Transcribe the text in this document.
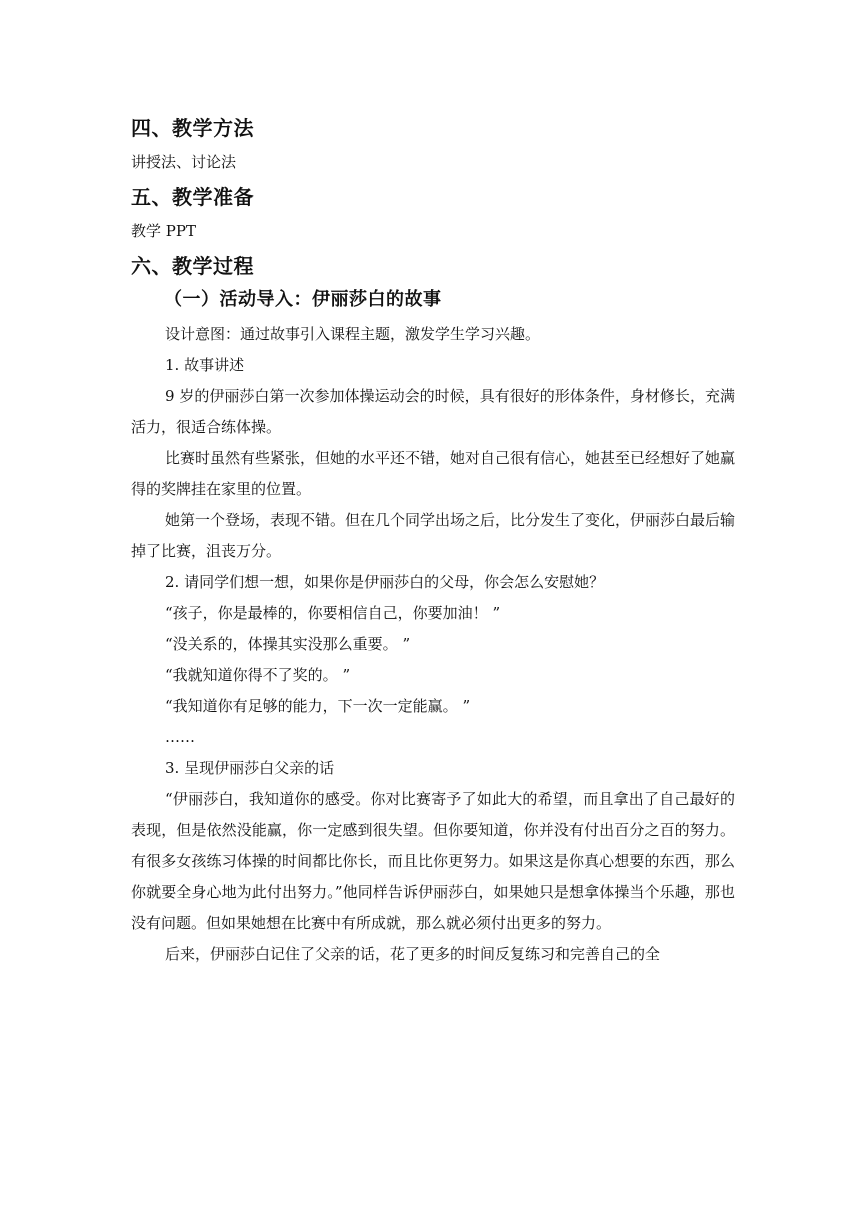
四、教学方法

讲授法、讨论法

五、教学准备

教学 PPT

六、教学过程
（一）活动导入：伊丽莎白的故事

设计意图：通过故事引入课程主题，激发学生学习兴趣。

1. 故事讲述

9 岁的伊丽莎白第一次参加体操运动会的时候，具有很好的形体条件，身材修长，充满活力，很适合练体操。

比赛时虽然有些紧张，但她的水平还不错，她对自己很有信心，她甚至已经想好了她赢得的奖牌挂在家里的位置。

她第一个登场，表现不错。但在几个同学出场之后，比分发生了变化，伊丽莎白最后输掉了比赛，沮丧万分。

2. 请同学们想一想，如果你是伊丽莎白的父母，你会怎么安慰她？

“孩子，你是最棒的，你要相信自己，你要加油！ ”

“没关系的，体操其实没那么重要。 ”

“我就知道你得不了奖的。 ”

“我知道你有足够的能力，下一次一定能赢。 ”

……

3. 呈现伊丽莎白父亲的话

“伊丽莎白，我知道你的感受。你对比赛寄予了如此大的希望，而且拿出了自己最好的表现，但是依然没能赢，你一定感到很失望。但你要知道，你并没有付出百分之百的努力。有很多女孩练习体操的时间都比你长，而且比你更努力。如果这是你真心想要的东西，那么你就要全身心地为此付出努力。”他同样告诉伊丽莎白，如果她只是想拿体操当个乐趣，那也没有问题。但如果她想在比赛中有所成就，那么就必须付出更多的努力。

后来，伊丽莎白记住了父亲的话，花了更多的时间反复练习和完善自己的全
